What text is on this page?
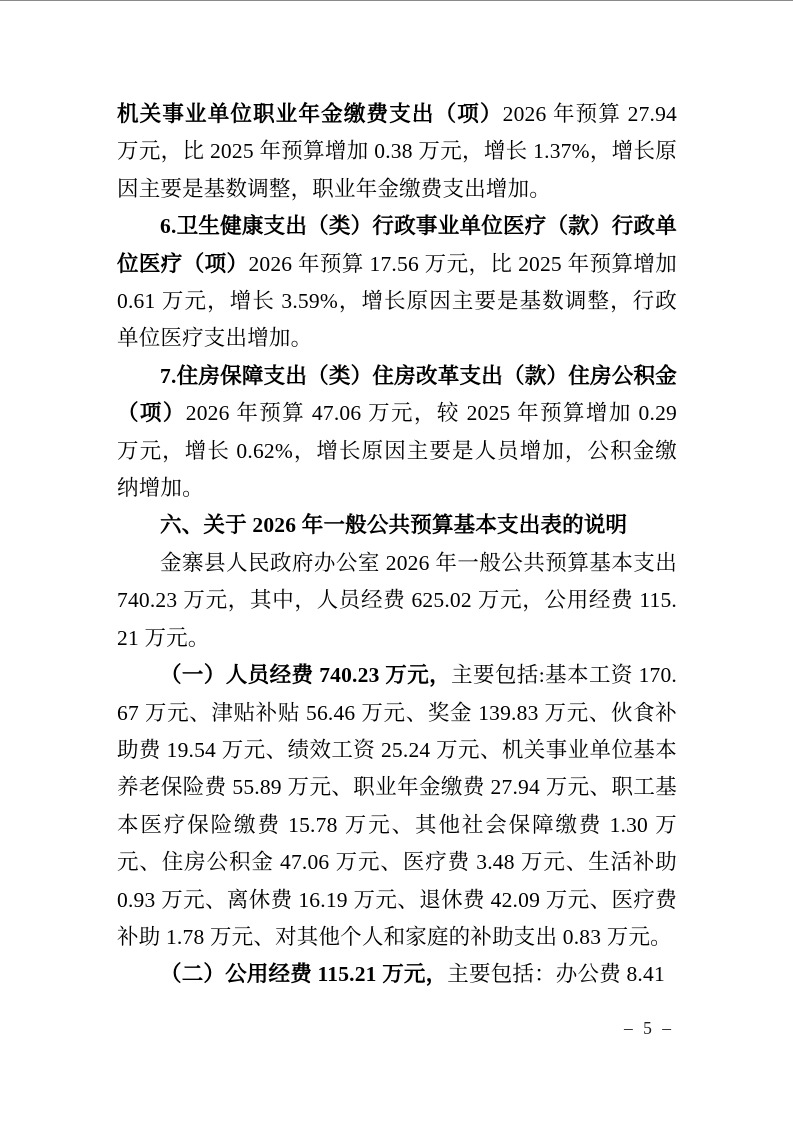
机关事业单位职业年金缴费支出（项）2026 年预算 27.94 万元，比 2025 年预算增加 0.38 万元，增长 1.37%，增长原因主要是基数调整，职业年金缴费支出增加。

6.卫生健康支出（类）行政事业单位医疗（款）行政单位医疗（项）2026 年预算 17.56 万元，比 2025 年预算增加 0.61 万元，增长 3.59%，增长原因主要是基数调整，行政单位医疗支出增加。

7.住房保障支出（类）住房改革支出（款）住房公积金（项）2026 年预算 47.06 万元，较 2025 年预算增加 0.29 万元，增长 0.62%，增长原因主要是人员增加，公积金缴纳增加。

六、关于 2026 年一般公共预算基本支出表的说明

金寨县人民政府办公室 2026 年一般公共预算基本支出 740.23 万元，其中，人员经费 625.02 万元，公用经费 115.21 万元。

（一）人员经费 740.23 万元，主要包括:基本工资 170.67 万元、津贴补贴 56.46 万元、奖金 139.83 万元、伙食补助费 19.54 万元、绩效工资 25.24 万元、机关事业单位基本养老保险费 55.89 万元、职业年金缴费 27.94 万元、职工基本医疗保险缴费 15.78 万元、其他社会保障缴费 1.30 万元、住房公积金 47.06 万元、医疗费 3.48 万元、生活补助 0.93 万元、离休费 16.19 万元、退休费 42.09 万元、医疗费补助 1.78 万元、对其他个人和家庭的补助支出 0.83 万元。

（二）公用经费 115.21 万元，主要包括：办公费 8.41

– 5 –
